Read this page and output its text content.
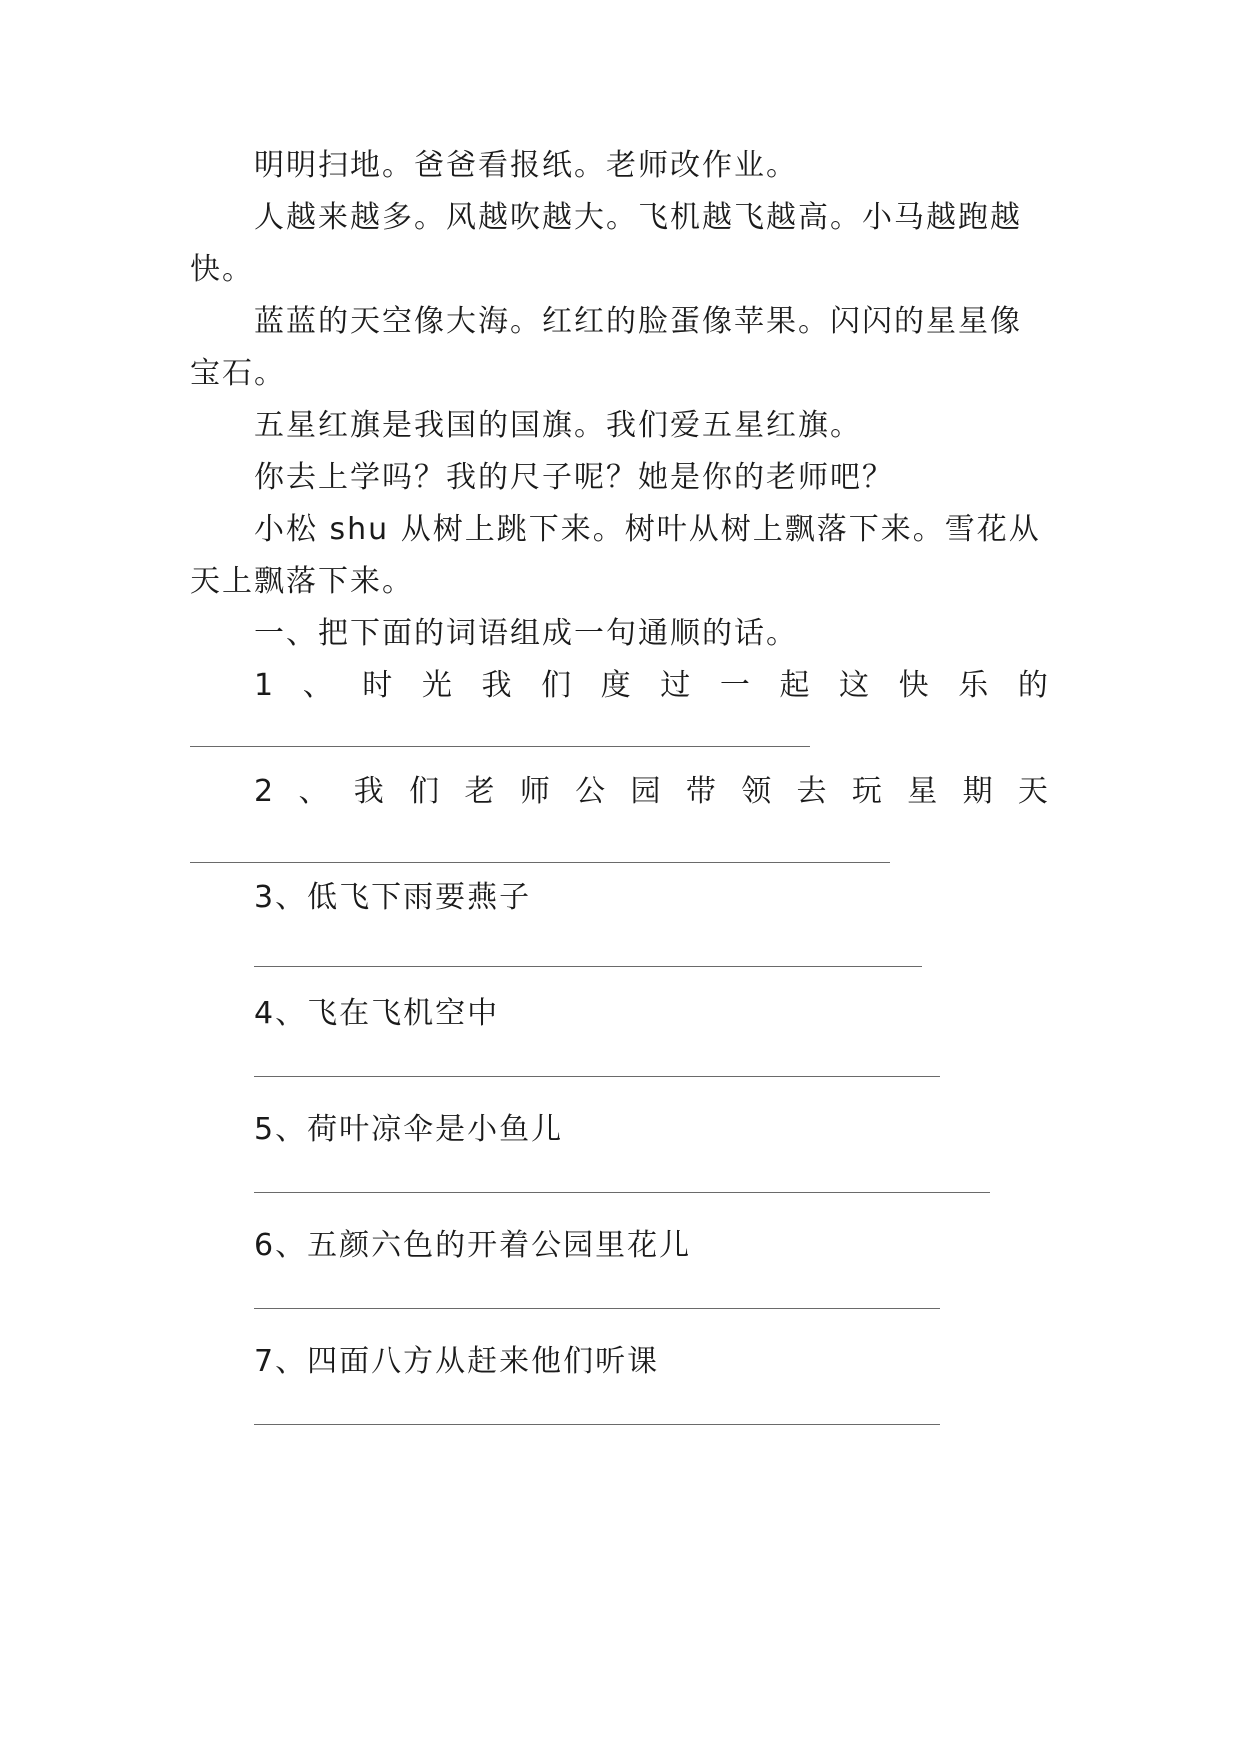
明明扫地。爸爸看报纸。老师改作业。
人越来越多。风越吹越大。飞机越飞越高。小马越跑越
快。
蓝蓝的天空像大海。红红的脸蛋像苹果。闪闪的星星像
宝石。
五星红旗是我国的国旗。我们爱五星红旗。
你去上学吗？我的尺子呢？她是你的老师吧？
小松 shu 从树上跳下来。树叶从树上飘落下来。雪花从
天上飘落下来。
一、把下面的词语组成一句通顺的话。
1 、 时 光 我 们 度 过 一 起 这 快 乐 的
2 、 我 们 老 师 公 园 带 领 去 玩 星 期 天
3、低飞下雨要燕子
4、飞在飞机空中
5、荷叶凉伞是小鱼儿
6、五颜六色的开着公园里花儿
7、四面八方从赶来他们听课
